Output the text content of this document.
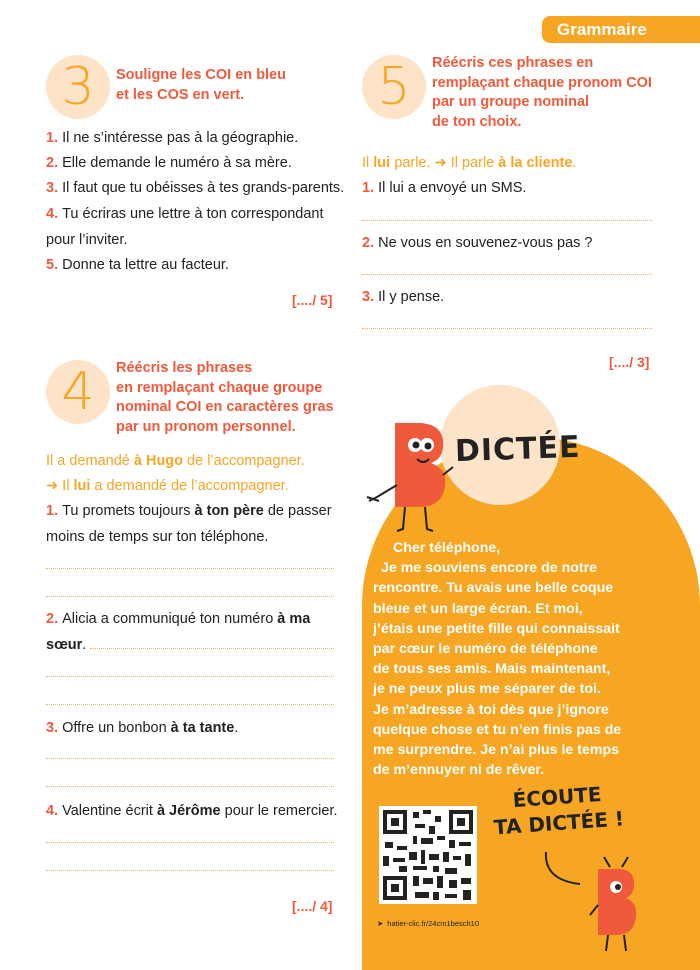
Grammaire
3	Souligne les COI en bleu
et les COS en vert.
1. Il ne s’intéresse pas à la géographie.
2. Elle demande le numéro à sa mère.
3. Il faut que tu obéisses à tes grands-parents.
4. Tu écriras une lettre à ton correspondant
pour l’inviter.
5. Donne ta lettre au facteur.
[..../ 5]
4	Réécris les phrases
en remplaçant chaque groupe
nominal COI en caractères gras
par un pronom personnel.
Il a demandé à Hugo de l’accompagner.
➜ Il lui a demandé de l’accompagner.
1. Tu promets toujours à ton père de passer
moins de temps sur ton téléphone.
2. Alicia a communiqué ton numéro à ma
sœur.
3. Offre un bonbon à ta tante.
4. Valentine écrit à Jérôme pour le remercier.
[..../ 4]
5	Réécris ces phrases en
remplaçant chaque pronom COI
par un groupe nominal
de ton choix.
Il lui parle. ➜ Il parle à la cliente.
1. Il lui a envoyé un SMS.
2. Ne vous en souvenez-vous pas ?
3. Il y pense.
[..../ 3]
DICTÉE
Cher téléphone,
Je me souviens encore de notre
rencontre. Tu avais une belle coque
bleue et un large écran. Et moi,
j’étais une petite fille qui connaissait
par cœur le numéro de téléphone
de tous ses amis. Mais maintenant,
je ne peux plus me séparer de toi.
Je m’adresse à toi dès que j’ignore
quelque chose et tu n’en finis pas de
me surprendre. Je n’ai plus le temps
de m’ennuyer ni de rêver.
ÉCOUTE
TA DICTÉE !
➤ hatier-clic.fr/24cm1besch10
25
